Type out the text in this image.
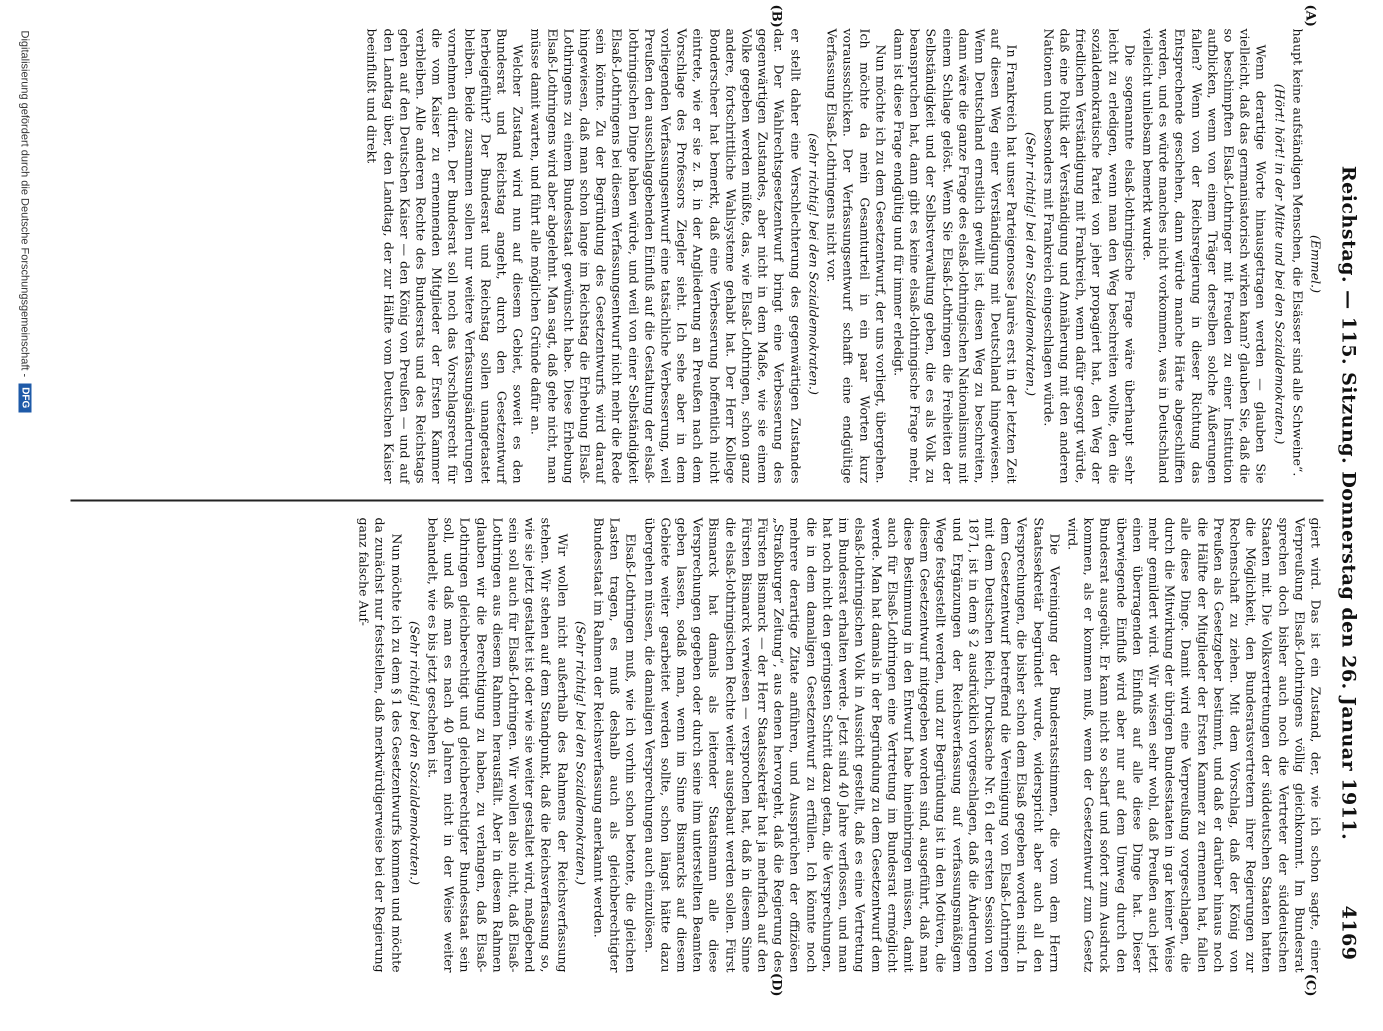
Reichstag. — 115. Sitzung. Donnerstag den 26. Januar 1911.
4169
(A)
(B)

(Emmel.)

haupt keine aufständigen Menschen, die Elsässer sind alle Schweine“.

(Hört! hört! in der Mitte und bei den Sozialdemokraten.)

Wenn derartige Worte hinausgetragen werden — glauben Sie vielleicht, daß das germanisatorisch wirken kann? glauben Sie, daß die so beschimpften Elsaß-Lothringer mit Freuden zu einer Institution aufblicken, wenn von einem Träger derselben solche Äußerungen fallen? Wenn von der Reichsregierung in dieser Richtung das Entsprechende geschehen, dann würde manche Härte abgeschliffen werden, und es würde manches nicht vorkommen, was in Deutschland vielleicht unliebsam bemerkt wurde.

Die sogenannte elsaß-lothringische Frage wäre überhaupt sehr leicht zu erledigen, wenn man den Weg beschreiten wollte, den die sozialdemokratische Partei von jeher propagiert hat, den Weg der friedlichen Verständigung mit Frankreich, wenn dafür gesorgt würde, daß eine Politik der Verständigung und Annäherung mit den anderen Nationen und besonders mit Frankreich eingeschlagen würde.

(Sehr richtig! bei den Sozialdemokraten.)

In Frankreich hat unser Parteigenosse Jaurès erst in der letzten Zeit auf diesen Weg einer Verständigung mit Deutschland hingewiesen. Wenn Deutschland ernstlich gewillt ist, diesen Weg zu beschreiten, dann wäre die ganze Frage des elsaß-lothringischen Nationalismus mit einem Schlage gelöst. Wenn Sie Elsaß-Lothringen die Freiheiten der Selbständigkeit und der Selbstverwaltung geben, die es als Volk zu beanspruchen hat, dann gibt es keine elsaß-lothringische Frage mehr, dann ist diese Frage endgültig und für immer erledigt.

Nun möchte ich zu dem Gesetzentwurf, der uns vorliegt, übergehen. Ich möchte da mein Gesamturteil in ein paar Worten kurz voraussschicken. Der Verfassungsentwurf schafft eine endgültige Verfassung Elsaß-Lothringens nicht vor.

(sehr richtig! bei den Sozialdemokraten.)

er stellt daher eine Verschlechterung des gegenwärtigen Zustandes dar. Der Wahlrechtsgesetzentwurf bringt eine Verbesserung des gegenwärtigen Zustandes, aber nicht in dem Maße, wie sie einem Volke gegeben werden müßte, das, wie Elsaß-Lothringen, schon ganz andere, fortschrittliche Wahlsysteme gehabt hat. Der Herr Kollege Bonderscheer hat bemerkt, daß eine Verbesserung hoffentlich nicht eintrete, wie er sie z. B. in der Angliederung an Preußen nach dem Vorschlage des Professors Ziegler sieht. Ich sehe aber in dem vorliegenden Verfassungsentwurf eine tatsächliche Verbesserung, weil Preußen den ausschlaggebenden Einfluß auf die Gestaltung der elsaß-lothringischen Dinge haben würde, und weil von einer Selbständigkeit Elsaß-Lothringens bei diesem Verfassungsentwurf nicht mehr die Rede sein könnte. Zu der Begründung des Gesetzentwurfs wird darauf hingewiesen, daß man schon lange im Reichstag die Erhebung Elsaß-Lothringens zu einem Bundesstaat gewünscht habe. Diese Erhebung Elsaß-Lothringens wird aber abgelehnt. Man sagt, daß gehe nicht, man müsse damit warten, und führt alle möglichen Gründe dafür an.

Welcher Zustand wird nun auf diesem Gebiet, soweit es den Bundesrat und Reichstag angeht, durch den Gesetzentwurf herbeigeführt? Der Bundesrat und Reichstag sollen unangetastet bleiben. Beide zusammen sollen nur weitere Verfassungsänderungen vornehmen dürfen. Der Bundesrat soll noch das Vorschlagsrecht für die vom Kaiser zu ernennenden Mitglieder der Ersten Kammer verbleiben. Alle anderen Rechte des Bundesrats und des Reichstags gehen auf den Deutschen Kaiser — den König von Preußen — und auf den Landtag über, den Landtag, der zur Hälfte vom Deutschen Kaiser beeinflußt und direkt

(C)
(D)

giert wird. Das ist ein Zustand, der, wie ich schon sagte, einer Verpreußung Elsaß-Lothringens völlig gleichkommt. Im Bundesrat sprechen doch bisher auch noch die Vertreter der süddeutschen Staaten mit. Die Volksvertretungen der süddeutschen Staaten hatten die Möglichkeit, den Bundesratsvertretern ihrer Regierungen zur Rechenschaft zu ziehen. Mit dem Vorschlag, daß der König von Preußen als Gesetzgeber bestimmt, und daß er darüber hinaus noch die Hälfte der Mitglieder der Ersten Kammer zu ernennen hat, fallen alle diese Dinge. Damit wird eine Verpreußung vorgeschlagen, die durch die Mitwirkung der übrigen Bundesstaaten in gar keiner Weise mehr gemildert wird. Wir wissen sehr wohl, daß Preußen auch jetzt einen überragenden Einfluß auf alle diese Dinge hat. Dieser überwiegende Einfluß wird aber nur auf dem Umweg durch den Bundesrat ausgeübt. Er kann nicht so scharf und sofort zum Ausdruck kommen, als er kommen muß, wenn der Gesetzentwurf zum Gesetz wird.

Die Vereinigung der Bundesratsstimmen, die vom dem Herrn Staatssekretär begründet wurde, widerspricht aber auch all den Versprechungen, die bisher schon dem Elsaß gegeben worden sind. In dem Gesetzentwurf betreffend die Vereinigung von Elsaß-Lothringen mit dem Deutschen Reich, Drucksache Nr. 61 der ersten Session von 1871, ist in dem § 2 ausdrücklich vorgeschlagen, daß die Änderungen und Ergänzungen der Reichsverfassung auf verfassungsmäßigem Wege festgestellt werden, und zur Begründung ist in den Motiven, die diesem Gesetzentwurf mitgegeben worden sind, ausgeführt, daß man diese Bestimmung in den Entwurf habe hineinbringen müssen, damit auch für Elsaß-Lothringen eine Vertretung im Bundesrat ermöglicht werde. Man hat damals in der Begründung zu dem Gesetzentwurf dem elsaß-lothringischen Volk in Aussicht gestellt, daß es eine Vertretung im Bundesrat erhalten werde. Jetzt sind 40 Jahre verflossen, und man hat noch nicht den geringsten Schritt dazu getan, die Versprechungen, die in dem damaligen Gesetzentwurf zu erfüllen. Ich könnte noch mehrere derartige Zitate anführen, und Aussprüchen der offiziösen „Straßburger Zeitung“, aus denen hervorgeht, daß die Regierung des Fürsten Bismarck — der Herr Staatssekretär hat ja mehrfach auf den Fürsten Bismarck verwiesen — versprochen hat, daß in diesem Sinne die elsaß-lothringischen Rechte weiter ausgebaut werden sollen. Fürst Bismarck hat damals als leitender Staatsmann alle diese Versprechungen gegeben oder durch seine ihm unterstellten Beamten geben lassen, sodaß man, wenn im Sinne Bismarcks auf diesem Gebiete weiter gearbeitet werden sollte, schon längst hätte dazu übergehen müssen, die damaligen Versprechungen auch einzulösen.

Elsaß-Lothringen muß, wie ich vorhin schon betonte, die gleichen Lasten tragen, es muß deshalb auch als gleichberechtigter Bundesstaat im Rahmen der Reichsverfassung anerkannt werden.

(Sehr richtig! bei den Sozialdemokraten.)

Wir wollen nicht außerhalb des Rahmens der Reichsverfassung stehen. Wir stehen auf dem Standpunkt, daß die Reichsverfassung so, wie sie jetzt gestaltet ist oder wie sie weiter gestaltet wird, maßgebend sein soll auch für Elsaß-Lothringen. Wir wollen also nicht, daß Elsaß-Lothringen aus diesem Rahmen herausfällt. Aber in diesem Rahmen glauben wir die Berechtigung zu haben, zu verlangen, daß Elsaß-Lothringen gleichberechtigt und gleichberechtigter Bundesstaat sein soll, und daß man es nach 40 Jahren nicht in der Weise weiter behandelt, wie es bis jetzt geschehen ist.

(Sehr richtig! bei den Sozialdemokraten.)

Nun möchte ich zu dem § 1 des Gesetzentwurfs kommen und möchte da zunächst nur feststellen, daß merkwürdigerweise bei der Regierung ganz falsche Auf-

Digitalisierung gefördert durch die Deutsche Forschungsgemeinschaft -
DFG
